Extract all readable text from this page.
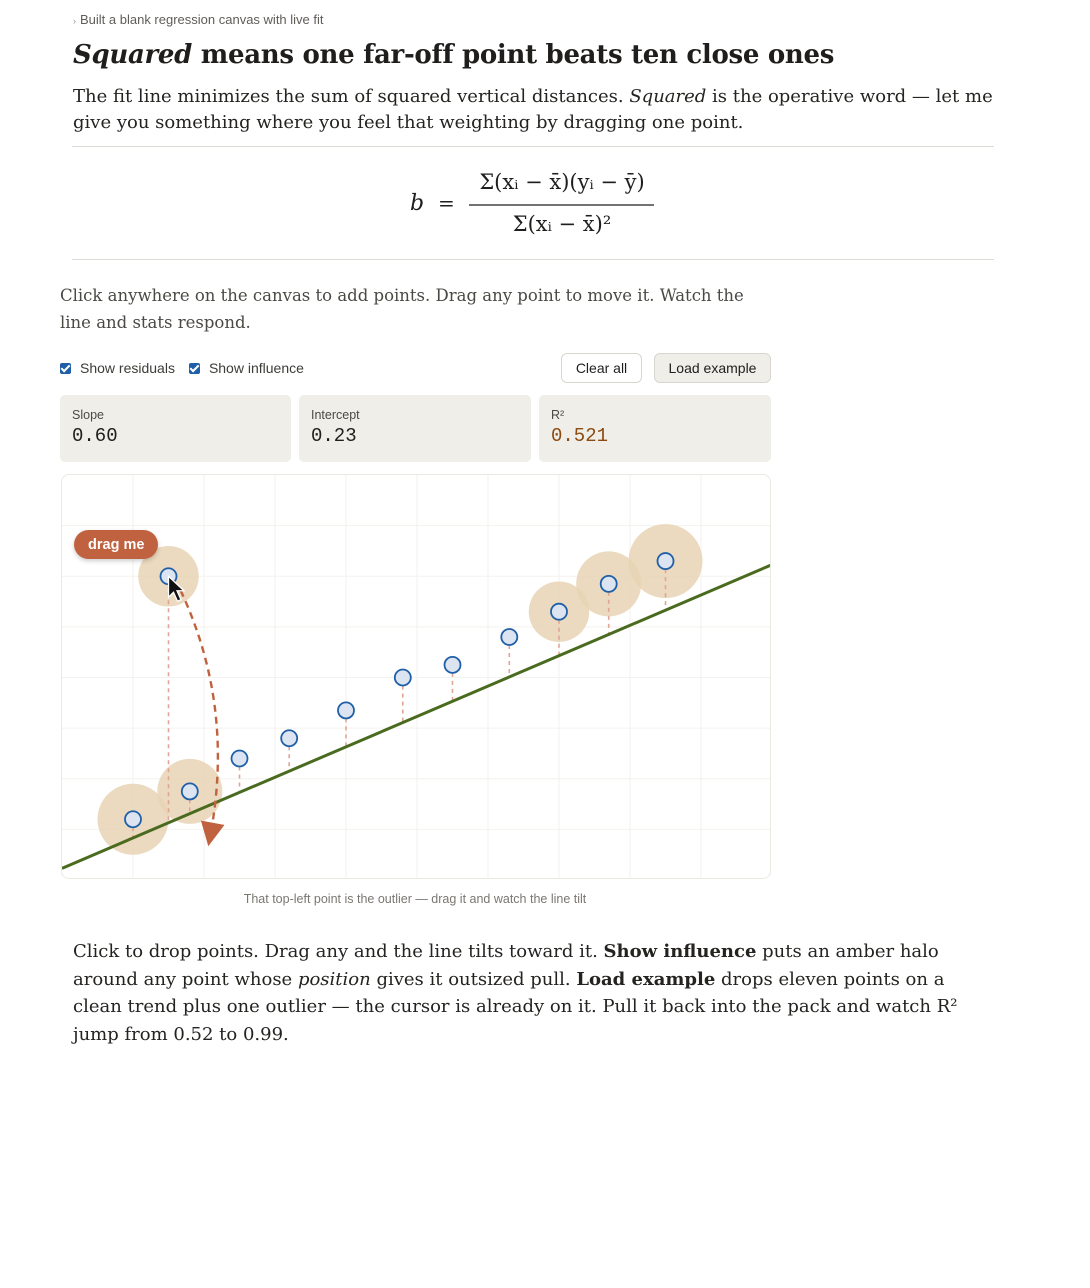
› Built a blank regression canvas with live fit
Squared means one far-off point beats ten close ones

The fit line minimizes the sum of squared vertical distances. Squared is the operative word — let me give you something where you feel that weighting by dragging one point.

b =
Σ(xᵢ − x̄)(yᵢ − ȳ)
Σ(xᵢ − x̄)²

Click anywhere on the canvas to add points. Drag any point to move it. Watch the line and stats respond.

Show residuals Show influence	Clear all	Load example
Slope
0.60
Intercept
0.23
R²
0.521
drag me
That top-left point is the outlier — drag it and watch the line tilt

Click to drop points. Drag any and the line tilts toward it. Show influence puts an amber halo around any point whose position gives it outsized pull. Load example drops eleven points on a clean trend plus one outlier — the cursor is already on it. Pull it back into the pack and watch R² jump from 0.52 to 0.99.
